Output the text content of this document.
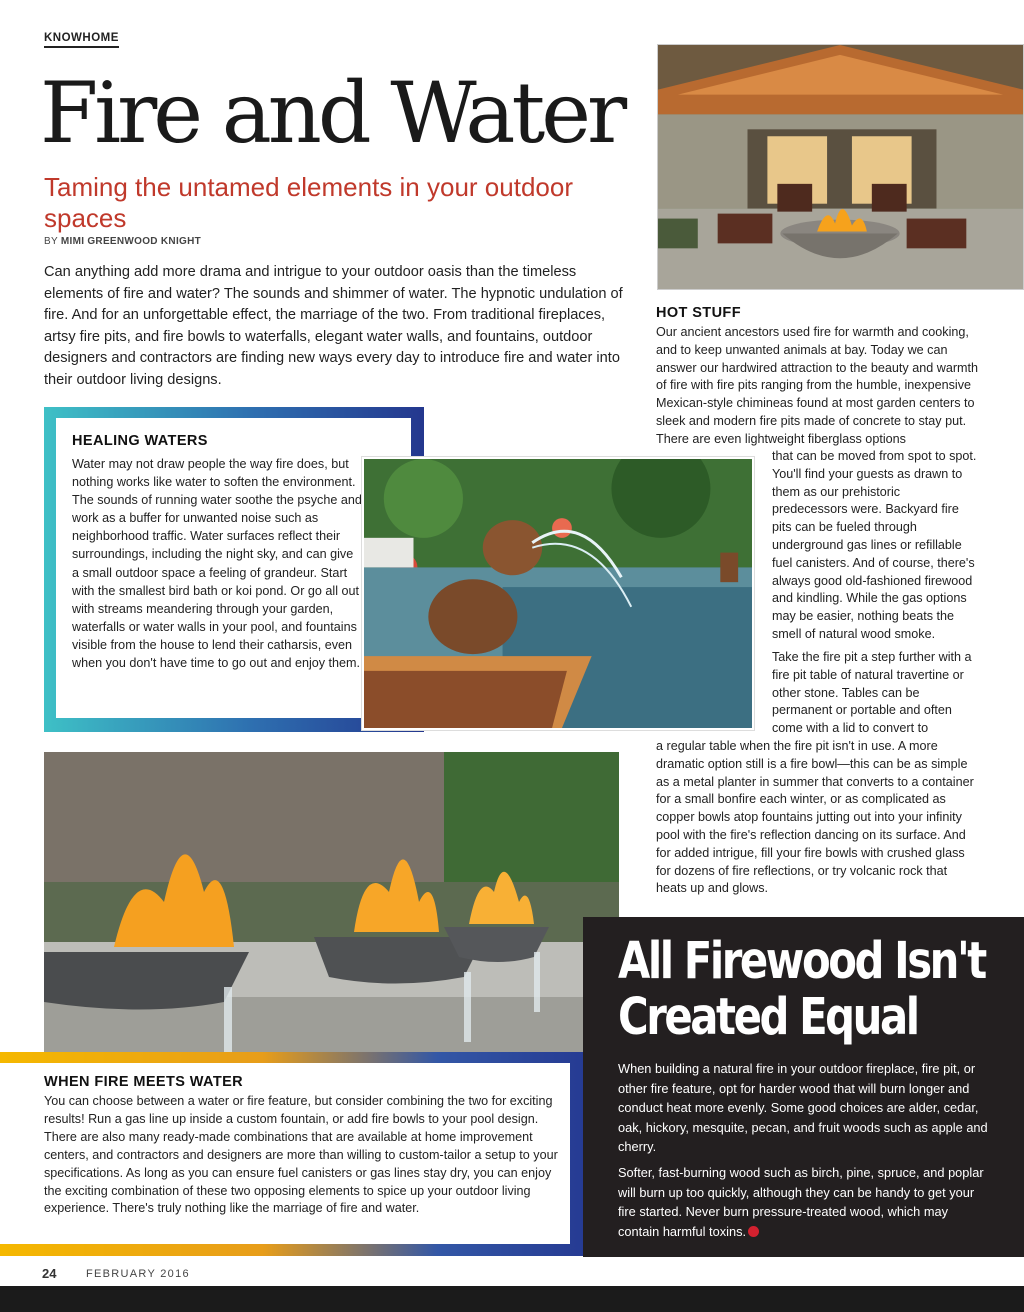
KNOWHOME
Fire and Water
Taming the untamed elements in your outdoor spaces
BY MIMI GREENWOOD KNIGHT
Can anything add more drama and intrigue to your outdoor oasis than the timeless elements of fire and water? The sounds and shimmer of water. The hypnotic undulation of fire. And for an unforgettable effect, the marriage of the two. From traditional fireplaces, artsy fire pits, and fire bowls to waterfalls, elegant water walls, and fountains, outdoor designers and contractors are finding new ways every day to introduce fire and water into their outdoor living designs.
HOT STUFF
Our ancient ancestors used fire for warmth and cooking, and to keep unwanted animals at bay. Today we can answer our hardwired attraction to the beauty and warmth of fire with fire pits ranging from the humble, inexpensive Mexican-style chimineas found at most garden centers to sleek and modern fire pits made of concrete to stay put. There are even lightweight fiberglass options
that can be moved from spot to spot. You'll find your guests as drawn to them as our prehistoric predecessors were. Backyard fire pits can be fueled through underground gas lines or refillable fuel canisters. And of course, there's always good old-fashioned firewood and kindling. While the gas options may be easier, nothing beats the smell of natural wood smoke.
Take the fire pit a step further with a fire pit table of natural travertine or other stone. Tables can be permanent or portable and often come with a lid to convert to
a regular table when the fire pit isn't in use. A more dramatic option still is a fire bowl—this can be as simple as a metal planter in summer that converts to a container for a small bonfire each winter, or as complicated as copper bowls atop fountains jutting out into your infinity pool with the fire's reflection dancing on its surface. And for added intrigue, fill your fire bowls with crushed glass for dozens of fire reflections, or try volcanic rock that heats up and glows.
HEALING WATERS
Water may not draw people the way fire does, but nothing works like water to soften the environment. The sounds of running water soothe the psyche and work as a buffer for unwanted noise such as neighborhood traffic. Water surfaces reflect their surroundings, including the night sky, and can give a small outdoor space a feeling of grandeur. Start with the smallest bird bath or koi pond. Or go all out with streams meandering through your garden, waterfalls or water walls in your pool, and fountains visible from the house to lend their catharsis, even when you don't have time to go out and enjoy them.
WHEN FIRE MEETS WATER
You can choose between a water or fire feature, but consider combining the two for exciting results! Run a gas line up inside a custom fountain, or add fire bowls to your pool design. There are also many ready-made combinations that are available at home improvement centers, and contractors and designers are more than willing to custom-tailor a setup to your specifications. As long as you can ensure fuel canisters or gas lines stay dry, you can enjoy the exciting combination of these two opposing elements to spice up your outdoor living experience. There's truly nothing like the marriage of fire and water.
All Firewood Isn't
Created Equal
When building a natural fire in your outdoor fireplace, fire pit, or other fire feature, opt for harder wood that will burn longer and conduct heat more evenly. Some good choices are alder, cedar, oak, hickory, mesquite, pecan, and fruit woods such as apple and cherry.
Softer, fast-burning wood such as birch, pine, spruce, and poplar will burn up too quickly, although they can be handy to get your fire started. Never burn pressure-treated wood, which may contain harmful toxins.
24	FEBRUARY 2016
